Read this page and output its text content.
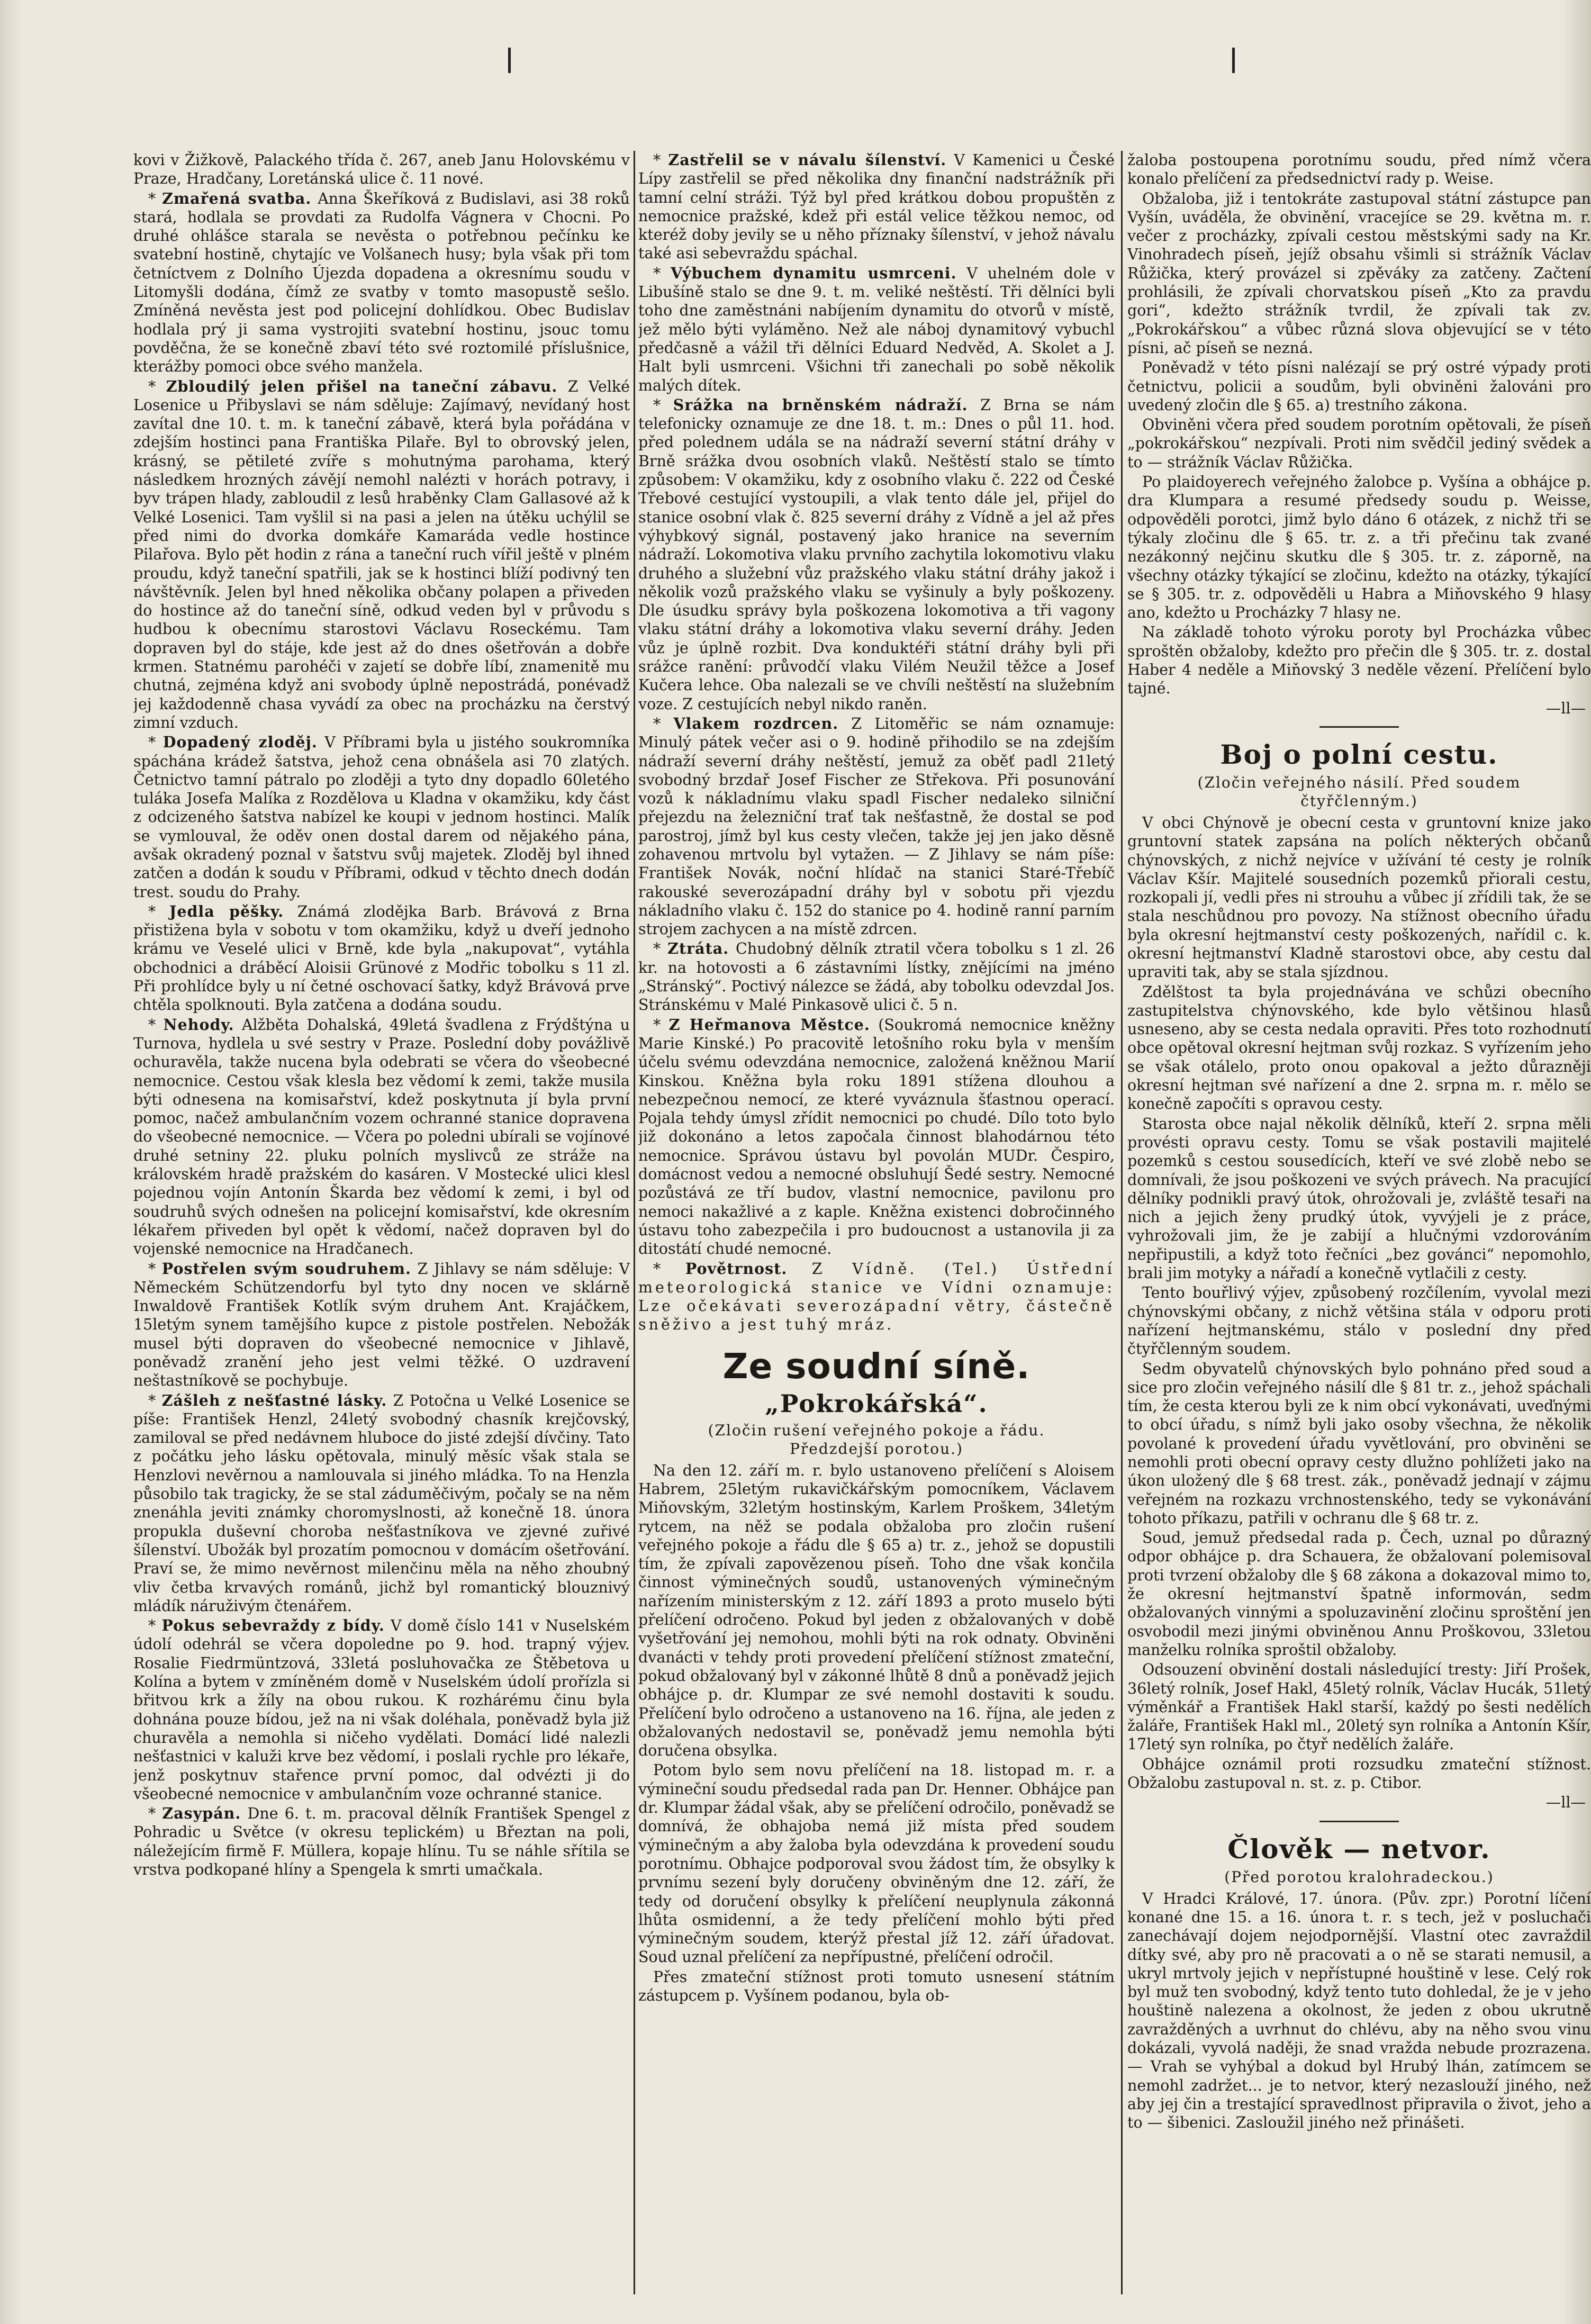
kovi v Žižkově, Palackého třída č. 267, aneb Janu Holovskému v Praze, Hradčany, Loretánská ulice č. 11 nové.

* Zmařená svatba. Anna Škeříková z Budislavi, asi 38 roků stará, hodlala se provdati za Rudolfa Vágnera v Chocni. Po druhé ohlášce starala se nevěsta o potřebnou pečínku ke svatební hostině, chytajíc ve Volšanech husy; byla však při tom četníctvem z Dolního Újezda dopadena a okresnímu soudu v Litomyšli dodána, čímž ze svatby v tomto masopustě sešlo. Zmíněná nevěsta jest pod policejní dohlídkou. Obec Budislav hodlala prý ji sama vystrojiti svatební hostinu, jsouc tomu povděčna, že se konečně zbaví této své roztomilé příslušnice, kterážby pomoci obce svého manžela.

* Zbloudilý jelen přišel na taneční zábavu. Z Velké Losenice u Přibyslavi se nám sděluje: Zajímavý, nevídaný host zavítal dne 10. t. m. k taneční zábavě, která byla pořádána v zdejším hostinci pana Františka Pilaře. Byl to obrovský jelen, krásný, se pětileté zvíře s mohutnýma parohama, který následkem hrozných závějí nemohl nalézti v horách potravy, i byv trápen hlady, zabloudil z lesů hraběnky Clam Gallasové až k Velké Losenici. Tam vyšlil si na pasi a jelen na útěku uchýlil se před nimi do dvorka domkáře Kamaráda vedle hostince Pilařova. Bylo pět hodin z rána a taneční ruch vířil ještě v plném proudu, když taneční spatřili, jak se k hostinci blíží podivný ten návštěvník. Jelen byl hned několika občany polapen a přiveden do hostince až do taneční síně, odkud veden byl v průvodu s hudbou k obecnímu starostovi Václavu Roseckému. Tam dopraven byl do stáje, kde jest až do dnes ošetřován a dobře krmen. Statnému parohéči v zajetí se dobře líbí, znamenitě mu chutná, zejména když ani svobody úplně nepostrádá, ponévadž jej každodenně chasa vyvádí za obec na procházku na čerstvý zimní vzduch.

* Dopadený zloděj. V Příbrami byla u jistého soukromníka spáchána krádež šatstva, jehož cena obnášela asi 70 zlatých. Četnictvo tamní pátralo po zloději a tyto dny dopadlo 60letého tuláka Josefa Malíka z Rozdělova u Kladna v okamžiku, kdy část z odcizeného šatstva nabízel ke koupi v jednom hostinci. Malík se vymlouval, že oděv onen dostal darem od nějakého pána, avšak okradený poznal v šatstvu svůj majetek. Zloděj byl ihned zatčen a dodán k soudu v Příbrami, odkud v těchto dnech dodán trest. soudu do Prahy.

* Jedla pěšky. Známá zlodějka Barb. Brávová z Brna přistižena byla v sobotu v tom okamžiku, když u dveří jednoho krámu ve Veselé ulici v Brně, kde byla „nakupovat“, vytáhla obchodnici a dráběcí Aloisii Grünové z Modřic tobolku s 11 zl. Při prohlídce byly u ní četné oschovací šatky, když Brávová prve chtěla spolknouti. Byla zatčena a dodána soudu.

* Nehody. Alžběta Dohalská, 49letá švadlena z Frýdštýna u Turnova, hydlela u své sestry v Praze. Poslední doby povážlivě ochuravěla, takže nucena byla odebrati se včera do všeobecné nemocnice. Cestou však klesla bez vědomí k zemi, takže musila býti odnesena na komisařství, kdež poskytnuta jí byla první pomoc, načež ambulančním vozem ochranné stanice dopravena do všeobecné nemocnice. — Včera po poledni ubírali se vojínové druhé setniny 22. pluku polních myslivců ze stráže na královském hradě pražském do kasáren. V Mostecké ulici klesl pojednou vojín Antonín Škarda bez vědomí k zemi, i byl od soudruhů svých odnešen na policejní komisařství, kde okresním lékařem přiveden byl opět k vědomí, načež dopraven byl do vojenské nemocnice na Hradčanech.

* Postřelen svým soudruhem. Z Jihlavy se nám sděluje: V Německém Schützendorfu byl tyto dny nocen ve sklárně Inwaldově František Kotlík svým druhem Ant. Krajáčkem, 15letým synem tamějšího kupce z pistole postřelen. Nebožák musel býti dopraven do všeobecné nemocnice v Jihlavě, poněvadž zranění jeho jest velmi těžké. O uzdravení neštastníkově se pochybuje.

* Zášleh z nešťastné lásky. Z Potočna u Velké Losenice se píše: František Henzl, 24letý svobodný chasník krejčovský, zamiloval se před nedávnem hluboce do jisté zdejší dívčiny. Tato z počátku jeho lásku opětovala, minulý měsíc však stala se Henzlovi nevěrnou a namlouvala si jiného mládka. To na Henzla působilo tak tragicky, že se stal záduměčivým, počaly se na něm znenáhla jeviti známky choromyslnosti, až konečně 18. února propukla duševní choroba nešťastníkova ve zjevné zuřivé šílenství. Ubožák byl prozatím pomocnou v domácím ošetřování. Praví se, že mimo nevěrnost milenčinu měla na něho zhoubný vliv četba krvavých románů, jichž byl romantický blouznivý mládík náruživým čtenářem.

* Pokus sebevraždy z bídy. V domě číslo 141 v Nuselském údolí odehrál se včera dopoledne po 9. hod. trapný výjev. Rosalie Fiedrmüntzová, 33letá posluhovačka ze Štěbetova u Kolína a bytem v zmíněném domě v Nuselském údolí prořízla si břitvou krk a žíly na obou rukou. K rozhárému činu byla dohnána pouze bídou, jež na ni však doléhala, poněvadž byla již churavěla a nemohla si ničeho vydělati. Domácí lidé nalezli nešťastnici v kaluži krve bez vědomí, i poslali rychle pro lékaře, jenž poskytnuv stařence první pomoc, dal odvézti ji do všeobecné nemocnice v ambulančním voze ochranné stanice.

* Zasypán. Dne 6. t. m. pracoval dělník František Spengel z Pohradic u Světce (v okresu teplickém) u Březtan na poli, náležejícím firmě F. Müllera, kopaje hlínu. Tu se náhle sřítila se vrstva podkopané hlíny a Spengela k smrti umačkala.

* Zastřelil se v návalu šílenství. V Kamenici u České Lípy zastřelil se před několika dny finanční nadstrážník při tamní celní stráži. Týž byl před krátkou dobou propuštěn z nemocnice pražské, kdež při estál velice těžkou nemoc, od kteréž doby jevily se u něho příznaky šílenství, v jehož návalu také asi sebevraždu spáchal.

* Výbuchem dynamitu usmrceni. V uhelném dole v Libušíně stalo se dne 9. t. m. veliké neštěstí. Tři dělníci byli toho dne zaměstnáni nabíjením dynamitu do otvorů v místě, jež mělo býti vyláměno. Než ale náboj dynamitový vybuchl předčasně a vážil tři dělníci Eduard Nedvěd, A. Skolet a J. Halt byli usmrceni. Všichni tři zanechali po sobě několik malých dítek.

* Srážka na brněnském nádraží. Z Brna se nám telefonicky oznamuje ze dne 18. t. m.: Dnes o půl 11. hod. před polednem udála se na nádraží severní státní dráhy v Brně srážka dvou osobních vlaků. Neštěstí stalo se tímto způsobem: V okamžiku, kdy z osobního vlaku č. 222 od České Třebové cestující vystoupili, a vlak tento dále jel, přijel do stanice osobní vlak č. 825 severní dráhy z Vídně a jel až přes výhybkový signál, postavený jako hranice na severním nádraží. Lokomotiva vlaku prvního zachytila lokomotivu vlaku druhého a služební vůz pražského vlaku státní dráhy jakož i několik vozů pražského vlaku se vyšinuly a byly poškozeny. Dle úsudku správy byla poškozena lokomotiva a tři vagony vlaku státní dráhy a lokomotiva vlaku severní dráhy. Jeden vůz je úplně rozbit. Dva konduktéři státní dráhy byli při srážce ranění: průvodčí vlaku Vilém Neužil těžce a Josef Kučera lehce. Oba nalezali se ve chvíli neštěstí na služebním voze. Z cestujících nebyl nikdo raněn.

* Vlakem rozdrcen. Z Litoměřic se nám oznamuje: Minulý pátek večer asi o 9. hodině přihodilo se na zdejším nádraží severní dráhy neštěstí, jemuž za oběť padl 21letý svobodný brzdař Josef Fischer ze Střekova. Při posunování vozů k nákladnímu vlaku spadl Fischer nedaleko silniční přejezdu na železniční trať tak nešťastně, že dostal se pod parostroj, jímž byl kus cesty vlečen, takže jej jen jako děsně zohavenou mrtvolu byl vytažen. — Z Jihlavy se nám píše: František Novák, noční hlídač na stanici Staré-Třebíč rakouské severozápadní dráhy byl v sobotu při vjezdu nákladního vlaku č. 152 do stanice po 4. hodině ranní parním strojem zachycen a na místě zdrcen.

* Ztráta. Chudobný dělník ztratil včera tobolku s 1 zl. 26 kr. na hotovosti a 6 zástavními lístky, znějícími na jméno „Stránský“. Poctivý nálezce se žádá, aby tobolku odevzdal Jos. Stránskému v Malé Pinkasově ulici č. 5 n.

* Z Heřmanova Městce. (Soukromá nemocnice kněžny Marie Kinské.) Po pracovitě letošního roku byla v menším účelu svému odevzdána nemocnice, založená kněžnou Marií Kinskou. Kněžna byla roku 1891 stížena dlouhou a nebezpečnou nemocí, ze které vyváznula šťastnou operací. Pojala tehdy úmysl zřídit nemocnici po chudé. Dílo toto bylo již dokonáno a letos započala činnost blahodárnou této nemocnice. Správou ústavu byl povolán MUDr. Čespiro, domácnost vedou a nemocné obsluhují Šedé sestry. Nemocné pozůstává ze tří budov, vlastní nemocnice, pavilonu pro nemoci nakažlivé a z kaple. Kněžna existenci dobročinného ústavu toho zabezpečila i pro budoucnost a ustanovila ji za ditostátí chudé nemocné.

* Povětrnost. Z Vídně. (Tel.) Ústřední meteorologická stanice ve Vídni oznamuje: Lze očekávati severozápadní větry, částečně sněživo a jest tuhý mráz.

Ze soudní síně.
„Pokrokářská“.

(Zločin rušení veřejného pokoje a řádu.

Předzdejší porotou.)

Na den 12. září m. r. bylo ustanoveno přelíčení s Aloisem Habrem, 25letým rukavičkářským pomocníkem, Václavem Miňovským, 32letým hostinským, Karlem Proškem, 34letým rytcem, na něž se podala obžaloba pro zločin rušení veřejného pokoje a řádu dle § 65 a) tr. z., jehož se dopustili tím, že zpívali zapovězenou píseň. Toho dne však končila činnost výminečných soudů, ustanovených výminečným nařízením ministerským z 12. září 1893 a proto muselo býti přelíčení odročeno. Pokud byl jeden z obžalovaných v době vyšetřování jej nemohou, mohli býti na rok odnaty. Obviněni dvanácti v tehdy proti provedení přelíčení stížnost zmateční, pokud obžalovaný byl v zákonné lhůtě 8 dnů a poněvadž jejich obhájce p. dr. Klumpar ze své nemohl dostaviti k soudu. Přelíčení bylo odročeno a ustanoveno na 16. října, ale jeden z obžalovaných nedostavil se, poněvadž jemu nemohla býti doručena obsylka.

Potom bylo sem novu přelíčení na 18. listopad m. r. a výmineční soudu předsedal rada pan Dr. Henner. Obhájce pan dr. Klumpar žádal však, aby se přelíčení odročilo, poněvadž se domnívá, že obhajoba nemá již místa před soudem výminečným a aby žaloba byla odevzdána k provedení soudu porotnímu. Obhajce podporoval svou žádost tím, že obsylky k prvnímu sezení byly doručeny obviněným dne 12. září, že tedy od doručení obsylky k přelíčení neuplynula zákonná lhůta osmidenní, a že tedy přelíčení mohlo býti před výminečným soudem, kterýž přestal jíž 12. září úřadovat. Soud uznal přelíčení za nepřípustné, přelíčení odročil.

Přes zmateční stížnost proti tomuto usnesení státním zástupcem p. Vyšínem podanou, byla ob-

žaloba postoupena porotnímu soudu, před nímž včera konalo přelíčení za předsednictví rady p. Weise.

Obžaloba, již i tentokráte zastupoval státní zástupce pan Vyšín, uváděla, že obvinění, vracejíce se 29. května m. r. večer z procházky, zpívali cestou městskými sady na Kr. Vinohradech píseň, jejíž obsahu všimli si strážník Václav Růžička, který provázel si zpěváky za zatčeny. Začtení prohlásili, že zpívali chorvatskou píseň „Kto za pravdu gori“, kdežto strážník tvrdil, že zpívali tak zv. „Pokrokářskou“ a vůbec různá slova objevující se v této písni, ač píseň se nezná.

Poněvadž v této písni nalézají se prý ostré výpady proti četnictvu, policii a soudům, byli obviněni žalováni pro uvedený zločin dle § 65. a) trestního zákona.

Obviněni včera před soudem porotním opětovali, že píseň „pokrokářskou“ nezpívali. Proti nim svědčil jediný svědek a to — strážník Václav Růžička.

Po plaidoyerech veřejného žalobce p. Vyšína a obhájce p. dra Klumpara a resumé předsedy soudu p. Weisse, odpověděli porotci, jimž bylo dáno 6 otázek, z nichž tři se týkaly zločinu dle § 65. tr. z. a tři přečinu tak zvané nezákonný nejčinu skutku dle § 305. tr. z. záporně, na všechny otázky týkající se zločinu, kdežto na otázky, týkající se § 305. tr. z. odpověděli u Habra a Miňovského 9 hlasy ano, kdežto u Procházky 7 hlasy ne.

Na základě tohoto výroku poroty byl Procházka vůbec sproštěn obžaloby, kdežto pro přečin dle § 305. tr. z. dostal Haber 4 neděle a Miňovský 3 neděle vězení. Přelíčení bylo tajné.

—ll—

Boj o polní cestu.

(Zločin veřejného násilí. Před soudem

čtyřčlenným.)

V obci Chýnově je obecní cesta v gruntovní knize jako gruntovní statek zapsána na polích některých občanů chýnovských, z nichž nejvíce v užívání té cesty je rolník Václav Kšír. Majitelé sousedních pozemků přiorali cestu, rozkopali jí, vedli přes ni strouhu a vůbec jí zřídili tak, že se stala neschůdnou pro povozy. Na stížnost obecního úřadu byla okresní hejtmanství cesty poškozených, nařídil c. k. okresní hejtmanství Kladně starostovi obce, aby cestu dal upraviti tak, aby se stala sjízdnou.

Zdělštost ta byla projednávána ve schůzi obecního zastupitelstva chýnovského, kde bylo většinou hlasů usneseno, aby se cesta nedala opraviti. Přes toto rozhodnutí obce opětoval okresní hejtman svůj rozkaz. S vyřízením jeho se však otálelo, proto onou opakoval a ježto důrazněji okresní hejtman své nařízení a dne 2. srpna m. r. mělo se konečně započíti s opravou cesty.

Starosta obce najal několik dělníků, kteří 2. srpna měli provésti opravu cesty. Tomu se však postavili majitelé pozemků s cestou sousedících, kteří ve své zlobě nebo se domnívali, že jsou poškozeni ve svých právech. Na pracující dělníky podnikli pravý útok, ohrožovali je, zvláště tesaři na nich a jejich ženy prudký útok, vyvýjeli je z práce, vyhrožovali jim, že je zabijí a hlučnými vzdorováním nepřipustili, a když toto řečníci „bez govánci“ nepomohlo, brali jim motyky a nářadí a konečně vytlačili z cesty.

Tento bouřlivý výjev, způsobený rozčílením, vyvolal mezi chýnovskými občany, z nichž většina stála v odporu proti nařízení hejtmanskému, stálo v poslední dny před čtyřčlenným soudem.

Sedm obyvatelů chýnovských bylo pohnáno před soud a sice pro zločin veřejného násilí dle § 81 tr. z., jehož spáchali tím, že cesta kterou byli ze k nim obcí vykonávati, uveďnými to obcí úřadu, s nímž byli jako osoby všechna, že několik povolané k provedení úřadu vyvětlování, pro obviněni se nemohli proti obecní opravy cesty dlužno pohlížeti jako na úkon uložený dle § 68 trest. zák., poněvadž jednají v zájmu veřejném na rozkazu vrchnostenského, tedy se vykonávání tohoto příkazu, patřili v ochranu dle § 68 tr. z.

Soud, jemuž předsedal rada p. Čech, uznal po důrazný odpor obhájce p. dra Schauera, že obžalovaní polemisoval proti tvrzení obžaloby dle § 68 zákona a dokazoval mimo to, že okresní hejtmanství špatně informován, sedm obžalovaných vinnými a spoluzavinění zločinu sproštění jen osvobodil mezi jinými obviněnou Annu Proškovou, 33letou manželku rolníka sproštil obžaloby.

Odsouzení obvinění dostali následující tresty: Jiří Prošek, 36letý rolník, Josef Hakl, 45letý rolník, Václav Hucák, 51letý výměnkář a František Hakl starší, každý po šesti nedělích žaláře, František Hakl ml., 20letý syn rolníka a Antonín Kšír, 17letý syn rolníka, po čtyř nedělích žaláře.

Obhájce oznámil proti rozsudku zmateční stížnost. Obžalobu zastupoval n. st. z. p. Ctibor.

—ll—

Člověk — netvor.

(Před porotou kralohradeckou.)

V Hradci Králové, 17. února. (Pův. zpr.) Porotní líčení konané dne 15. a 16. února t. r. s tech, jež v posluchači zanechávají dojem nejodpornější. Vlastní otec zavraždil dítky své, aby pro ně pracovati a o ně se starati nemusil, a ukryl mrtvoly jejich v nepřístupné houštině v lese. Celý rok byl muž ten svobodný, když tento tuto dohledal, že je v jeho houštině nalezena a okolnost, že jeden z obou ukrutně zavražděných a uvrhnut do chlévu, aby na něho svou vinu dokázali, vyvolá naději, že snad vražda nebude prozrazena. — Vrah se vyhýbal a dokud byl Hrubý lhán, zatímcem se nemohl zadržet... je to netvor, který nezaslouží jiného, než aby jej čin a trestající spravedlnost připravila o život, jeho a to — šibenici. Zasloužil jiného než přinášeti.
